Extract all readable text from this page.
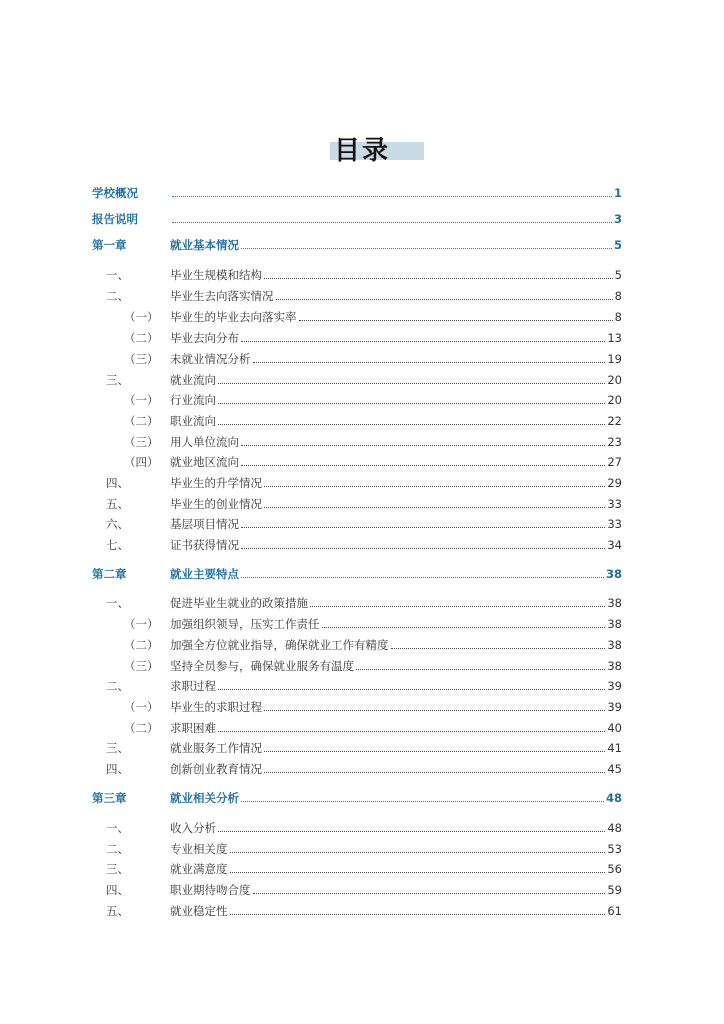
目录
学校概况	1
报告说明	3
第一章	就业基本情况	5
一、	毕业生规模和结构	5
二、	毕业生去向落实情况	8
（一） 毕业生的毕业去向落实率	8
（二） 毕业去向分布	13
（三） 未就业情况分析	19
三、	就业流向	20
（一） 行业流向	20
（二） 职业流向	22
（三） 用人单位流向	23
（四） 就业地区流向	27
四、	毕业生的升学情况	29
五、	毕业生的创业情况	33
六、	基层项目情况	33
七、	证书获得情况	34
第二章	就业主要特点	38
一、	促进毕业生就业的政策措施	38
（一） 加强组织领导，压实工作责任	38
（二） 加强全方位就业指导，确保就业工作有精度	38
（三） 坚持全员参与，确保就业服务有温度	38
二、	求职过程	39
（一） 毕业生的求职过程	39
（二） 求职困难	40
三、	就业服务工作情况	41
四、	创新创业教育情况	45
第三章	就业相关分析	48
一、	收入分析	48
二、	专业相关度	53
三、	就业满意度	56
四、	职业期待吻合度	59
五、	就业稳定性	61
